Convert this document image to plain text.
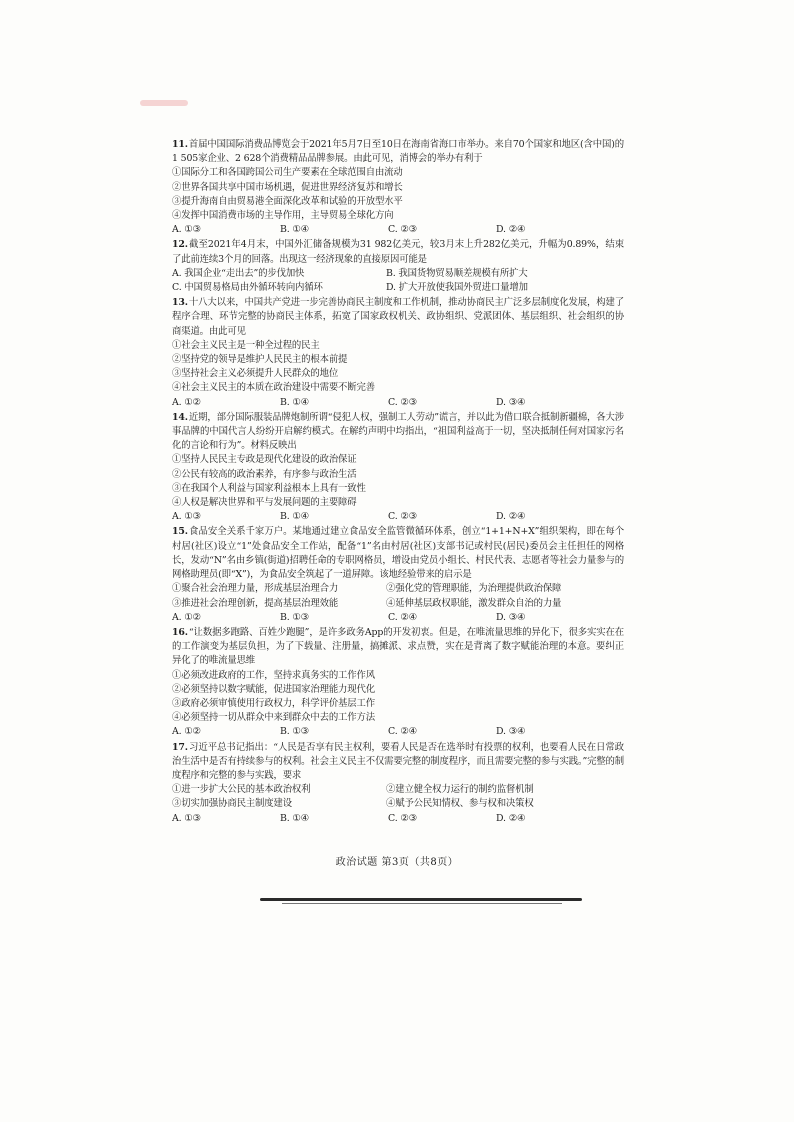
11.首届中国国际消费品博览会于2021年5月7日至10日在海南省海口市举办。来自70个国家和地区(含中国)的1 505家企业、2 628个消费精品品牌参展。由此可见，消博会的举办有利于

①国际分工和各国跨国公司生产要素在全球范围自由流动

②世界各国共享中国市场机遇，促进世界经济复苏和增长

③提升海南自由贸易港全面深化改革和试验的开放型水平

④发挥中国消费市场的主导作用，主导贸易全球化方向

A. ①③	B. ①④	C. ②③	D. ②④

12.截至2021年4月末，中国外汇储备规模为31 982亿美元，较3月末上升282亿美元，升幅为0.89%，结束了此前连续3个月的回落。出现这一经济现象的直接原因可能是

A. 我国企业“走出去”的步伐加快	B. 我国货物贸易顺差规模有所扩大
C. 中国贸易格局由外循环转向内循环	D. 扩大开放使我国外贸进口量增加

13.十八大以来，中国共产党进一步完善协商民主制度和工作机制，推动协商民主广泛多层制度化发展，构建了程序合理、环节完整的协商民主体系，拓宽了国家政权机关、政协组织、党派团体、基层组织、社会组织的协商渠道。由此可见

①社会主义民主是一种全过程的民主

②坚持党的领导是维护人民民主的根本前提

③坚持社会主义必须提升人民群众的地位

④社会主义民主的本质在政治建设中需要不断完善

A. ①②	B. ①④	C. ②③	D. ③④

14.近期，部分国际服装品牌炮制所谓“侵犯人权，强制工人劳动”谎言，并以此为借口联合抵制新疆棉，各大涉事品牌的中国代言人纷纷开启解约模式。在解约声明中均指出，“祖国利益高于一切，坚决抵制任何对国家污名化的言论和行为”。材料反映出

①坚持人民民主专政是现代化建设的政治保证

②公民有较高的政治素养，有序参与政治生活

③在我国个人利益与国家利益根本上具有一致性

④人权是解决世界和平与发展问题的主要障碍

A. ①③	B. ①④	C. ②③	D. ②④

15.食品安全关系千家万户。某地通过建立食品安全监管微循环体系，创立“1+1+N+X”组织架构，即在每个村居(社区)设立“1”处食品安全工作站，配备“1”名由村居(社区)支部书记或村民(居民)委员会主任担任的网格长，发动“N”名由乡镇(街道)招聘任命的专职网格员，增设由党员小组长、村民代表、志愿者等社会力量参与的网格助理员(即“X”)，为食品安全筑起了一道屏障。该地经验带来的启示是

①聚合社会治理力量，形成基层治理合力	②强化党的管理职能，为治理提供政治保障
③推进社会治理创新，提高基层治理效能	④延伸基层政权职能，激发群众自治的力量
A. ①②	B. ①③	C. ②④	D. ③④

16.“让数据多跑路、百姓少跑腿”，是许多政务App的开发初衷。但是，在唯流量思维的异化下，很多实实在在的工作演变为基层负担，为了下载量、注册量，搞摊派、求点赞，实在是背离了数字赋能治理的本意。要纠正异化了的唯流量思维

①必须改进政府的工作，坚持求真务实的工作作风

②必须坚持以数字赋能，促进国家治理能力现代化

③政府必须审慎使用行政权力，科学评价基层工作

④必须坚持一切从群众中来到群众中去的工作方法

A. ①②	B. ①③	C. ②④	D. ③④

17.习近平总书记指出：“人民是否享有民主权利，要看人民是否在选举时有投票的权利，也要看人民在日常政治生活中是否有持续参与的权利。社会主义民主不仅需要完整的制度程序，而且需要完整的参与实践。”完整的制度程序和完整的参与实践，要求

①进一步扩大公民的基本政治权利	②建立健全权力运行的制约监督机制
③切实加强协商民主制度建设	④赋予公民知情权、参与权和决策权
A. ①③	B. ①④	C. ②③	D. ②④
政治试题 第3页（共8页）
